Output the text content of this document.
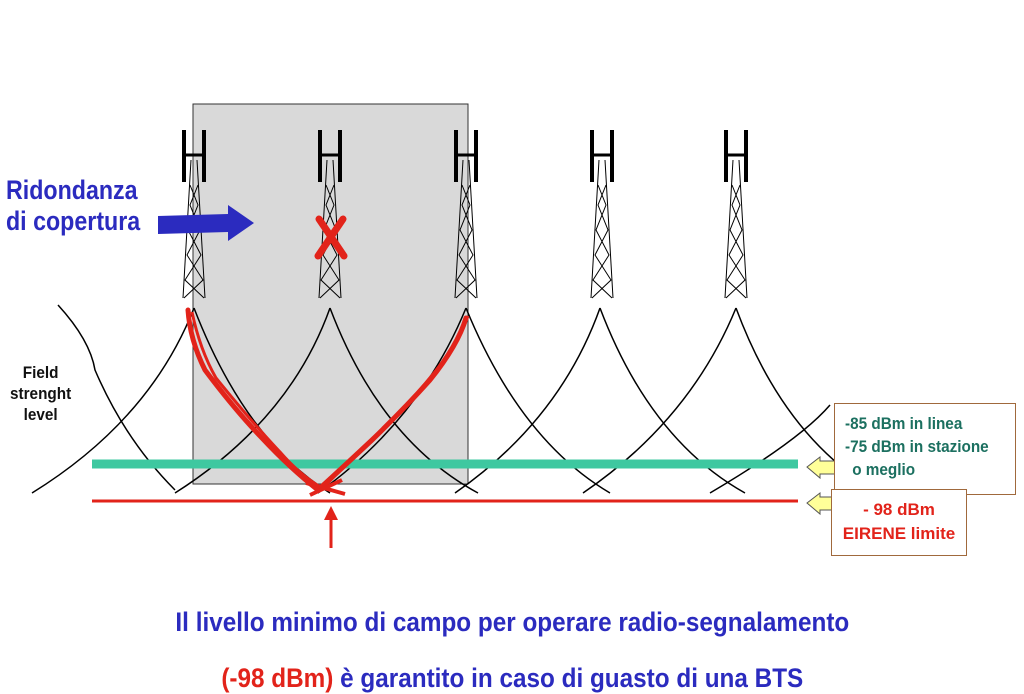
Ridondanza
di copertura
Field
strenght
level	-85 dBm in linea
-75 dBm in stazione
o meglio
- 98 dBm
EIRENE limite
Il livello minimo di campo per operare radio-segnalamento
(-98 dBm) è garantito in caso di guasto di una BTS
